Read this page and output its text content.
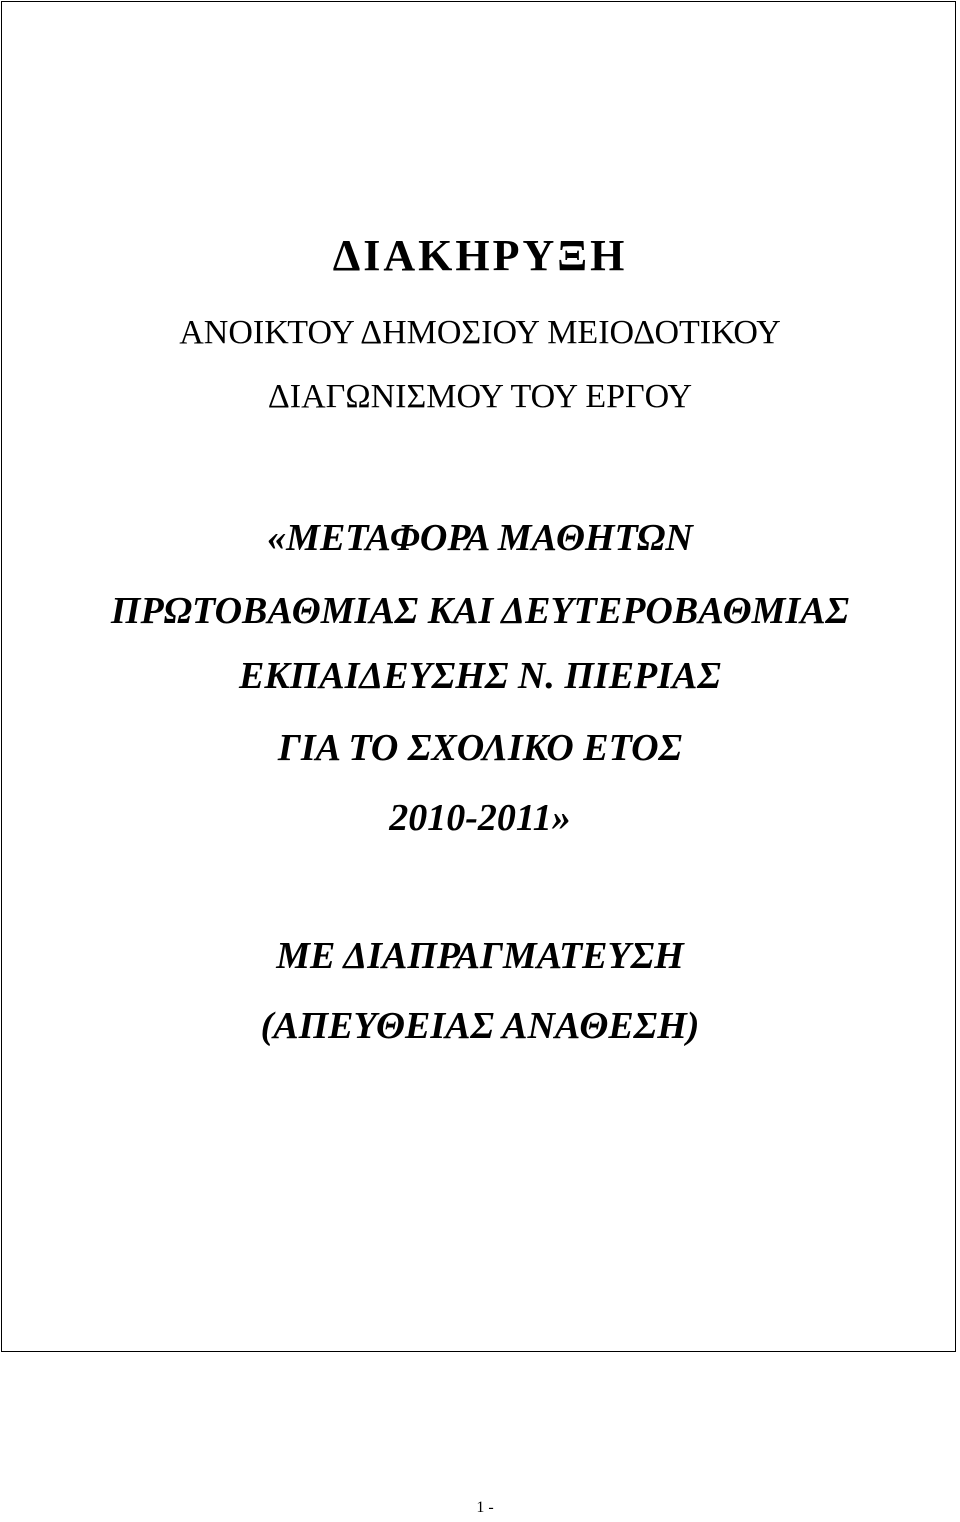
ΔΙΑΚΗΡΥΞΗ
ΑΝΟΙΚΤΟΥ ΔΗΜΟΣΙΟΥ ΜΕΙΟΔΟΤΙΚΟΥ
ΔΙΑΓΩΝΙΣΜΟΥ ΤΟΥ ΕΡΓΟΥ
«ΜΕΤΑΦΟΡΑ ΜΑΘΗΤΩΝ
ΠΡΩΤΟΒΑΘΜΙΑΣ ΚΑΙ ΔΕΥΤΕΡΟΒΑΘΜΙΑΣ
ΕΚΠΑΙΔΕΥΣΗΣ Ν. ΠΙΕΡΙΑΣ
ΓΙΑ ΤΟ ΣΧΟΛΙΚΟ ΕΤΟΣ
2010-2011»
ΜΕ ΔΙΑΠΡΑΓΜΑΤΕΥΣΗ
(ΑΠΕΥΘΕΙΑΣ ΑΝΑΘΕΣΗ)
1 -
